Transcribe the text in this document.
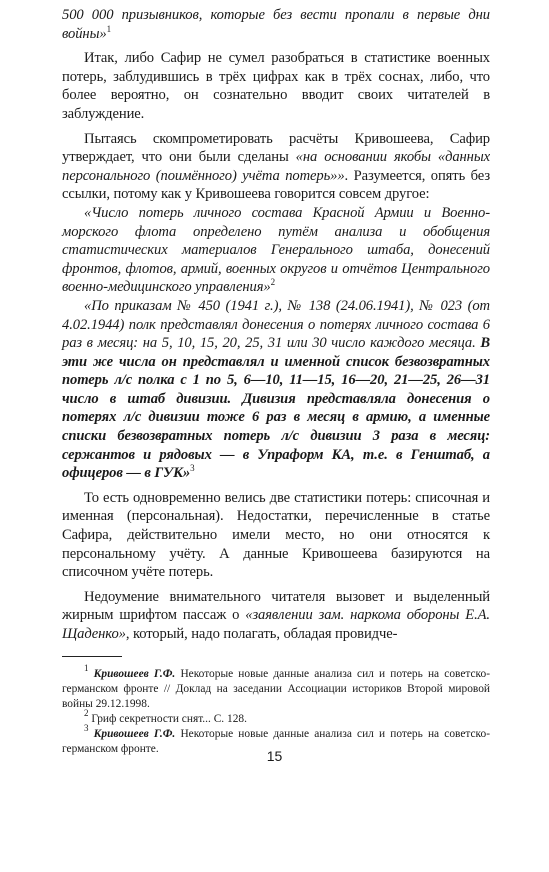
500 000 призывников, которые без вести пропали в первые дни войны»$^1$

Итак, либо Сафир не сумел разобраться в статистике военных потерь, заблудившись в трёх цифрах как в трёх соснах, либо, что более вероятно, он сознательно вводит своих читателей в заблуждение.

Пытаясь скомпрометировать расчёты Кривошеева, Сафир утверждает, что они были сделаны «на основании якобы «данных персонального (поимённого) учёта потерь»». Разумеется, опять без ссылки, потому как у Кривошеева говорится совсем другое:

«Число потерь личного состава Красной Армии и Военно-морского флота определено путём анализа и обобщения статистических материалов Генерального штаба, донесений фронтов, флотов, армий, военных округов и отчётов Центрального военно-медицинского управления»$^2$

«По приказам № 450 (1941 г.), № 138 (24.06.1941), № 023 (от 4.02.1944) полк представлял донесения о потерях личного состава 6 раз в месяц: на 5, 10, 15, 20, 25, 31 или 30 число каждого месяца. В эти же числа он представлял и именной список безвозвратных потерь л/с полка с 1 по 5, 6—10, 11—15, 16—20, 21—25, 26—31 число в штаб дивизии. Дивизия представляла донесения о потерях л/с дивизии тоже 6 раз в месяц в армию, а именные списки безвозвратных потерь л/с дивизии 3 раза в месяц: сержантов и рядовых — в Упраформ КА, т.е. в Генштаб, а офицеров — в ГУК»$^3$

То есть одновременно велись две статистики потерь: списочная и именная (персональная). Недостатки, перечисленные в статье Сафира, действительно имели место, но они относятся к персональному учёту. А данные Кривошеева базируются на списочном учёте потерь.

Недоумение внимательного читателя вызовет и выделенный жирным шрифтом пассаж о «заявлении зам. наркома обороны Е.А. Щаденко», который, надо полагать, обладая провидче-

$^1$ Кривошеев Г.Ф. Некоторые новые данные анализа сил и потерь на советско-германском фронте // Доклад на заседании Ассоциации историков Второй мировой войны 29.12.1998.

$^2$ Гриф секретности снят... С. 128.

$^3$ Кривошеев Г.Ф. Некоторые новые данные анализа сил и потерь на советско-германском фронте.	15
